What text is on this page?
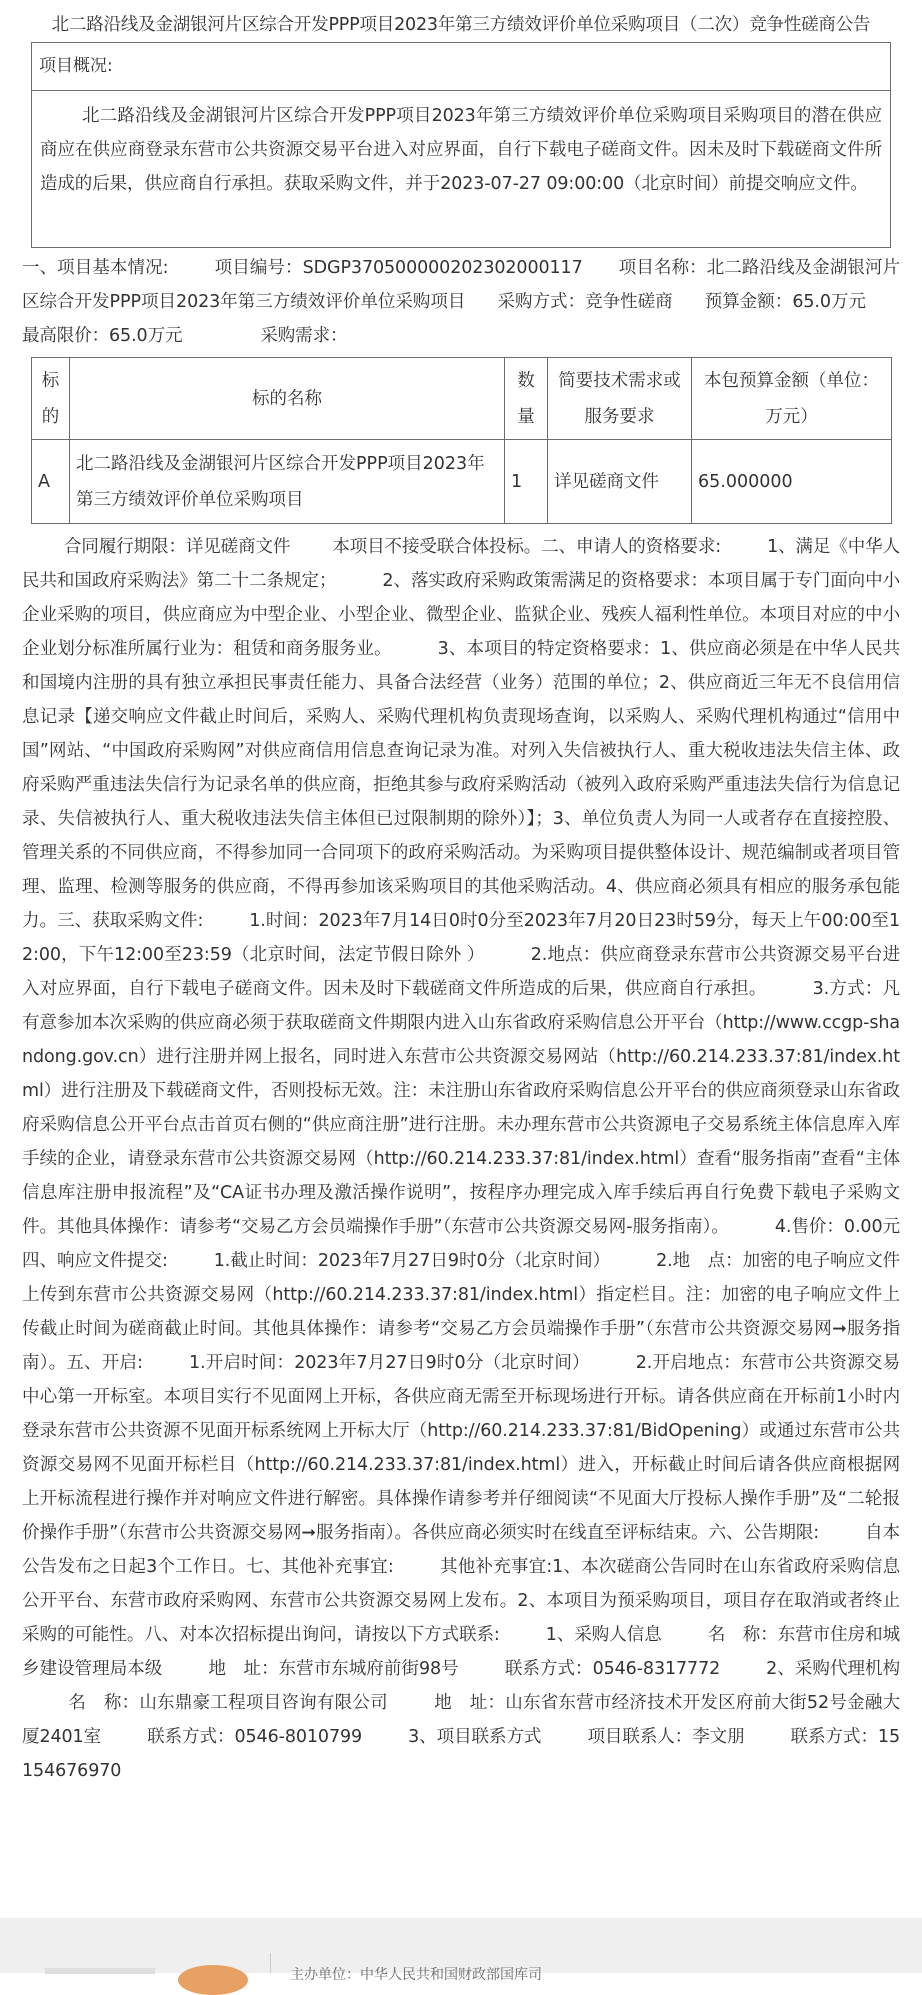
北二路沿线及金湖银河片区综合开发PPP项目2023年第三方绩效评价单位采购项目（二次）竞争性磋商公告
项目概况:
北二路沿线及金湖银河片区综合开发PPP项目2023年第三方绩效评价单位采购项目采购项目的潜在供应商应在供应商登录东营市公共资源交易平台进入对应界面，自行下载电子磋商文件。因未及时下载磋商文件所造成的后果，供应商自行承担。获取采购文件，并于2023-07-27 09:00:00（北京时间）前提交响应文件。
一、项目基本情况:	项目编号：SDGP370500000202302000117 项目名称：北二路沿线及金湖银河片区综合开发PPP项目2023年第三方绩效评价单位采购项目 采购方式：竞争性磋商 预算金额：65.0万元最高限价：65.0万元	采购需求：
标的	标的名称	数量	简要技术需求或服务要求	本包预算金额（单位：万元）
A	北二路沿线及金湖银河片区综合开发PPP项目2023年第三方绩效评价单位采购项目	1	详见磋商文件	65.000000
合同履行期限：详见磋商文件 本项目不接受联合体投标。二、申请人的资格要求:	1、满足《中华人民共和国政府采购法》第二十二条规定；	2、落实政府采购政策需满足的资格要求：本项目属于专门面向中小企业采购的项目，供应商应为中型企业、小型企业、微型企业、监狱企业、残疾人福利性单位。本项目对应的中小企业划分标准所属行业为：租赁和商务服务业。	3、本项目的特定资格要求：1、供应商必须是在中华人民共和国境内注册的具有独立承担民事责任能力、具备合法经营（业务）范围的单位；2、供应商近三年无不良信用信息记录【递交响应文件截止时间后，采购人、采购代理机构负责现场查询，以采购人、采购代理机构通过“信用中国”网站、“中国政府采购网”对供应商信用信息查询记录为准。对列入失信被执行人、重大税收违法失信主体、政府采购严重违法失信行为记录名单的供应商，拒绝其参与政府采购活动（被列入政府采购严重违法失信行为信息记录、失信被执行人、重大税收违法失信主体但已过限制期的除外）】；3、单位负责人为同一人或者存在直接控股、管理关系的不同供应商，不得参加同一合同项下的政府采购活动。为采购项目提供整体设计、规范编制或者项目管理、监理、检测等服务的供应商，不得再参加该采购项目的其他采购活动。4、供应商必须具有相应的服务承包能力。三、获取采购文件:	1.时间：2023年7月14日0时0分至2023年7月20日23时59分，每天上午00:00至12:00，下午12:00至23:59（北京时间，法定节假日除外 ）	2.地点：供应商登录东营市公共资源交易平台进入对应界面，自行下载电子磋商文件。因未及时下载磋商文件所造成的后果，供应商自行承担。	3.方式：凡有意参加本次采购的供应商必须于获取磋商文件期限内进入山东省政府采购信息公开平台（http://www.ccgp-shandong.gov.cn）进行注册并网上报名，同时进入东营市公共资源交易网站（http://60.214.233.37:81/index.html）进行注册及下载磋商文件，否则投标无效。注：未注册山东省政府采购信息公开平台的供应商须登录山东省政府采购信息公开平台点击首页右侧的“供应商注册”进行注册。未办理东营市公共资源电子交易系统主体信息库入库手续的企业，请登录东营市公共资源交易网（http://60.214.233.37:81/index.html）查看“服务指南”查看“主体信息库注册申报流程”及“CA证书办理及激活操作说明”，按程序办理完成入库手续后再自行免费下载电子采购文件。其他具体操作：请参考“交易乙方会员端操作手册”（东营市公共资源交易网-服务指南）。	4.售价：0.00元四、响应文件提交:	1.截止时间：2023年7月27日9时0分（北京时间）	2.地　点：加密的电子响应文件上传到东营市公共资源交易网（http://60.214.233.37:81/index.html）指定栏目。注：加密的电子响应文件上传截止时间为磋商截止时间。其他具体操作：请参考“交易乙方会员端操作手册”（东营市公共资源交易网➞服务指南）。五、开启:	1.开启时间：2023年7月27日9时0分（北京时间）	2.开启地点：东营市公共资源交易中心第一开标室。本项目实行不见面网上开标，各供应商无需至开标现场进行开标。请各供应商在开标前1小时内登录东营市公共资源不见面开标系统网上开标大厅（http://60.214.233.37:81/BidOpening）或通过东营市公共资源交易网不见面开标栏目（http://60.214.233.37:81/index.html）进入，开标截止时间后请各供应商根据网上开标流程进行操作并对响应文件进行解密。具体操作请参考并仔细阅读“不见面大厅投标人操作手册”及“二轮报价操作手册”（东营市公共资源交易网➞服务指南）。各供应商必须实时在线直至评标结束。六、公告期限:	自本公告发布之日起3个工作日。七、其他补充事宜:	其他补充事宜:1、本次磋商公告同时在山东省政府采购信息公开平台、东营市政府采购网、东营市公共资源交易网上发布。2、本项目为预采购项目，项目存在取消或者终止采购的可能性。八、对本次招标提出询问，请按以下方式联系:	1、采购人信息	名　称：东营市住房和城乡建设管理局本级	地　址：东营市东城府前街98号	联系方式：0546-8317772	2、采购代理机构名　称：山东鼎豪工程项目咨询有限公司	地　址：山东省东营市经济技术开发区府前大街52号金融大厦2401室	联系方式：0546-8010799	3、项目联系方式	项目联系人：李文朋	联系方式：15154676970
主办单位：中华人民共和国财政部国库司
